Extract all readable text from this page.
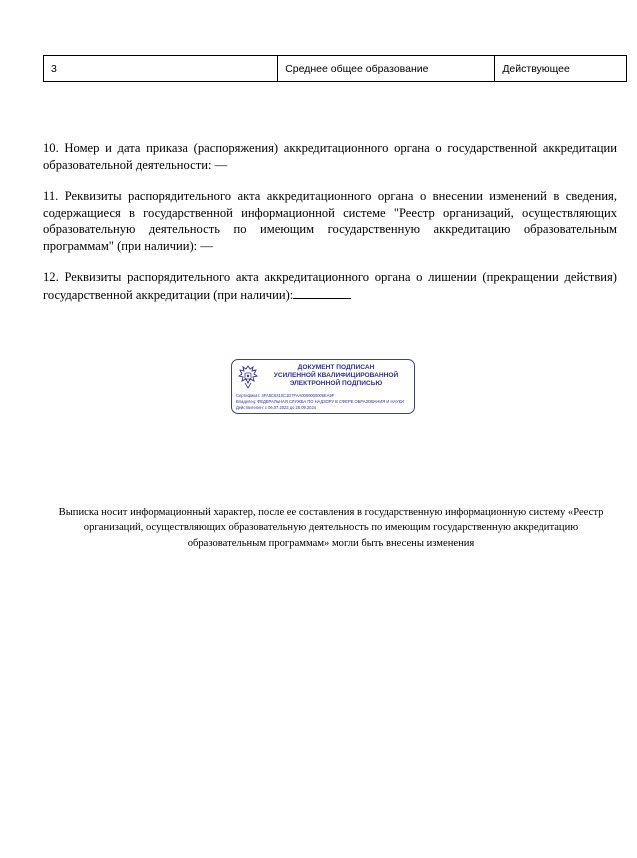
3	Среднее общее образование	Действующее

10. Номер и дата приказа (распоряжения) аккредитационного органа о государственной аккредитации образовательной деятельности: —

11. Реквизиты распорядительного акта аккредитационного органа о внесении изменений в сведения, содержащиеся в государственной информационной системе "Реестр организаций, осуществляющих образовательную деятельность по имеющим государственную аккредитацию образовательным программам" (при наличии): —

12. Реквизиты распорядительного акта аккредитационного органа о лишении (прекращении действия) государственной аккредитации (при наличии):

ДОКУМЕНТ ПОДПИСАН
УСИЛЕННОЙ КВАЛИФИЦИРОВАННОЙ
ЭЛЕКТРОННОЙ ПОДПИСЬЮ
Сертификат: 4FA5C6310C1D7FAA0000000006EA9F
Владелец: ФЕДЕРАЛЬНАЯ СЛУЖБА ПО НАДЗОРУ В СФЕРЕ ОБРАЗОВАНИЯ И НАУКИ
Действителен: с 06.07.2023 до 28.09.2024

Выписка носит информационный характер, после ее составления в государственную информационную систему «Реестр организаций, осуществляющих образовательную деятельность по имеющим государственную аккредитацию образовательным программам» могли быть внесены изменения
